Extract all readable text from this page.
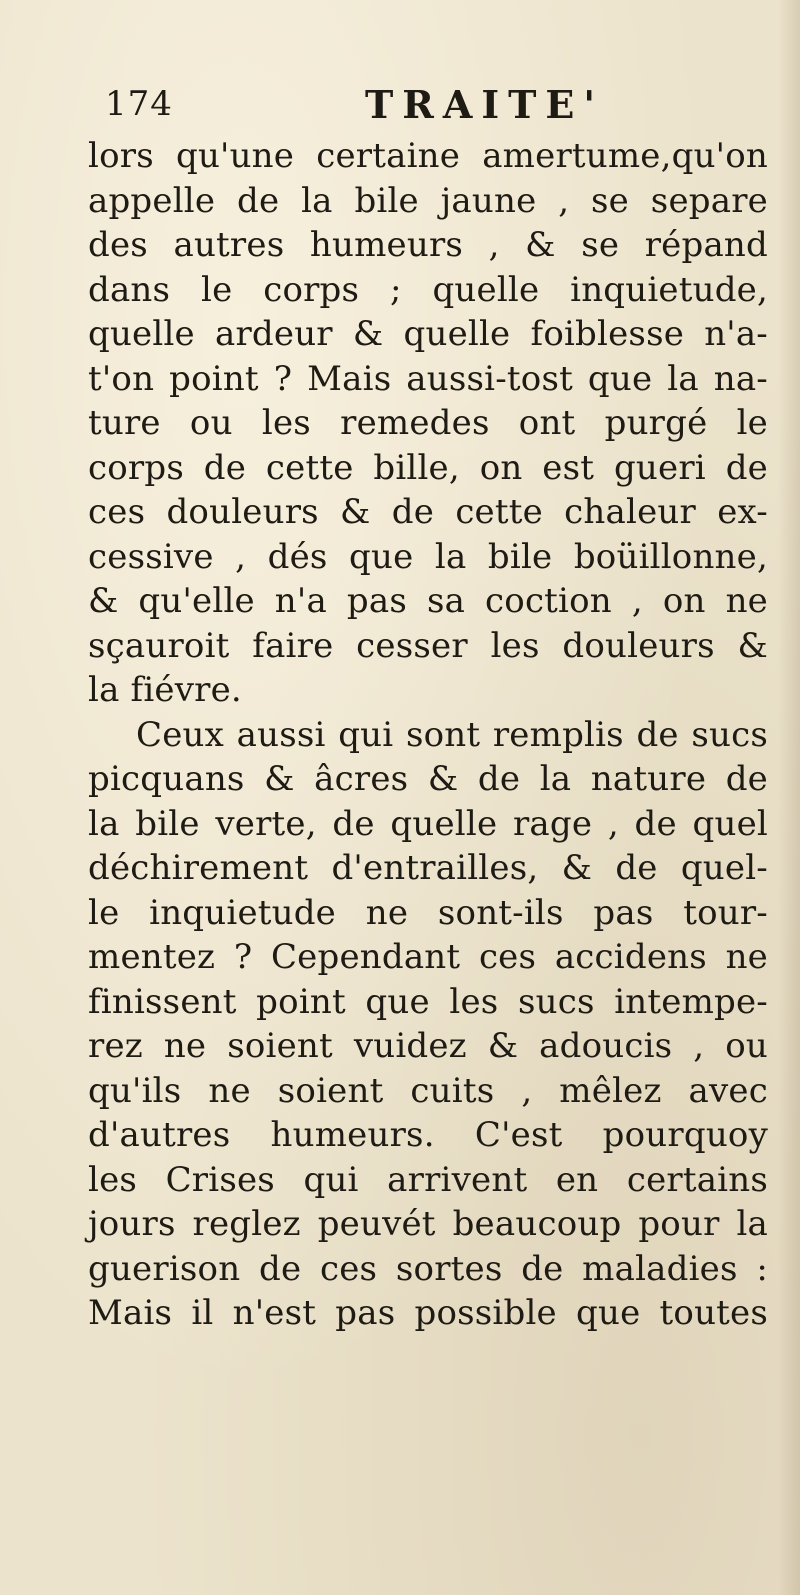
174	TRAITE'
lors qu'une certaine amertume,qu'on
appelle de la bile jaune , se separe
des autres humeurs , & se répand
dans le corps ; quelle inquietude,
quelle ardeur & quelle foiblesse n'a-
t'on point ? Mais aussi-tost que la na-
ture ou les remedes ont purgé le
corps de cette bille, on est gueri de
ces douleurs & de cette chaleur ex-
cessive , dés que la bile boüillonne,
& qu'elle n'a pas sa coction , on ne
sçauroit faire cesser les douleurs &
la fiévre.
Ceux aussi qui sont remplis de sucs
picquans & âcres & de la nature de
la bile verte, de quelle rage , de quel
déchirement d'entrailles, & de quel-
le inquietude ne sont-ils pas tour-
mentez ? Cependant ces accidens ne
finissent point que les sucs intempe-
rez ne soient vuidez & adoucis , ou
qu'ils ne soient cuits , mêlez avec
d'autres humeurs. C'est pourquoy
les Crises qui arrivent en certains
jours reglez peuvét beaucoup pour la
guerison de ces sortes de maladies :
Mais il n'est pas possible que toutes
